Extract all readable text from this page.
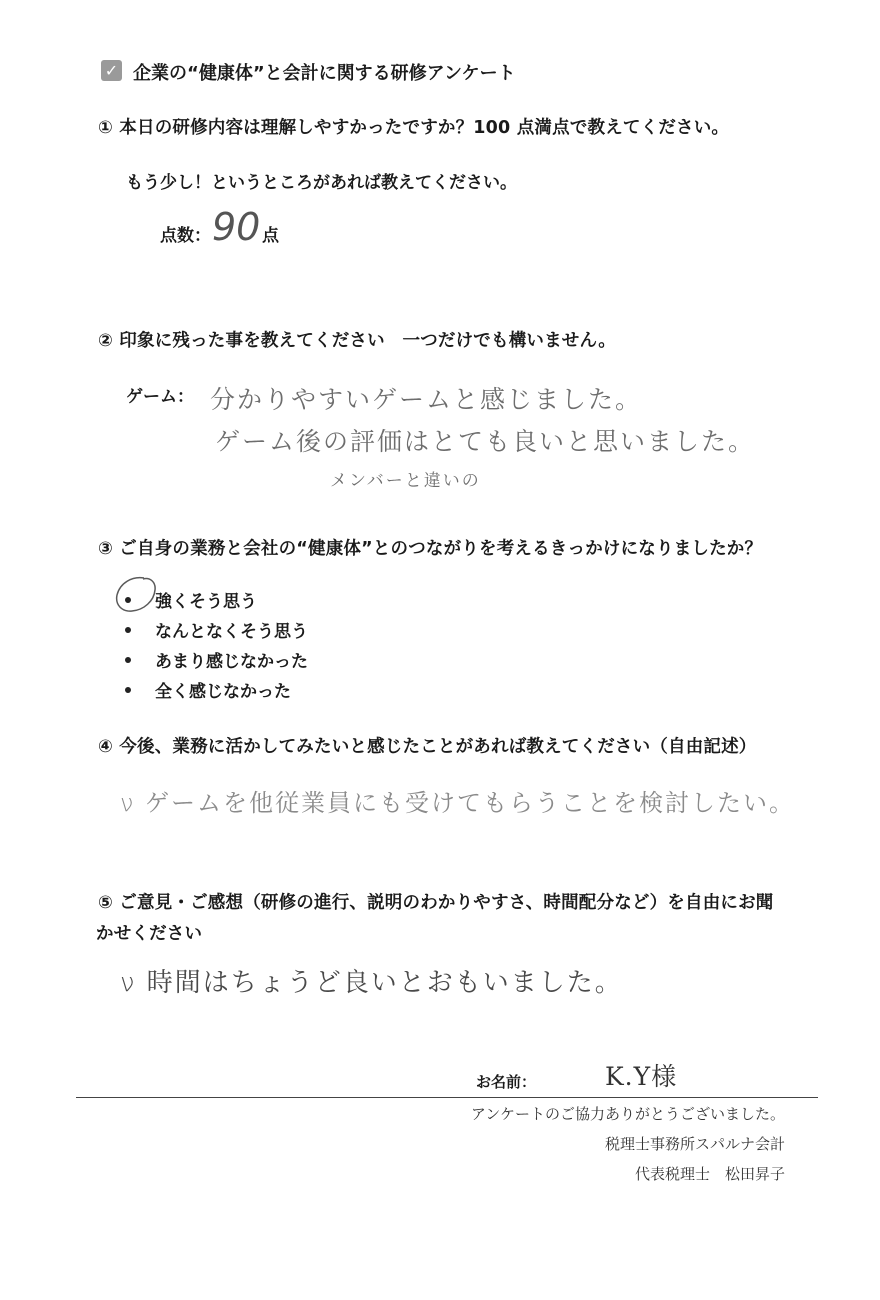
✓ 企業の“健康体”と会計に関する研修アンケート
① 本日の研修内容は理解しやすかったですか？100 点満点で教えてください。
もう少し！というところがあれば教えてください。
点数： 90 点
② 印象に残った事を教えてください　一つだけでも構いません。
ゲーム： 分かりやすいゲームと感じました。
ゲーム後の評価はとても良いと思いました。
メンバーと違いの
③ ご自身の業務と会社の“健康体”とのつながりを考えるきっかけになりましたか？
強くそう思う
なんとなくそう思う
あまり感じなかった
全く感じなかった
④ 今後、業務に活かしてみたいと感じたことがあれば教えてください（自由記述）
ν ゲームを他従業員にも受けてもらうことを検討したい。
⑤ ご意見・ご感想（研修の進行、説明のわかりやすさ、時間配分など）を自由にお聞
かせください
ν 時間はちょうど良いとおもいました。
お名前：	K.Y様
アンケートのご協力ありがとうございました。
税理士事務所スパルナ会計
代表税理士　松田昇子
